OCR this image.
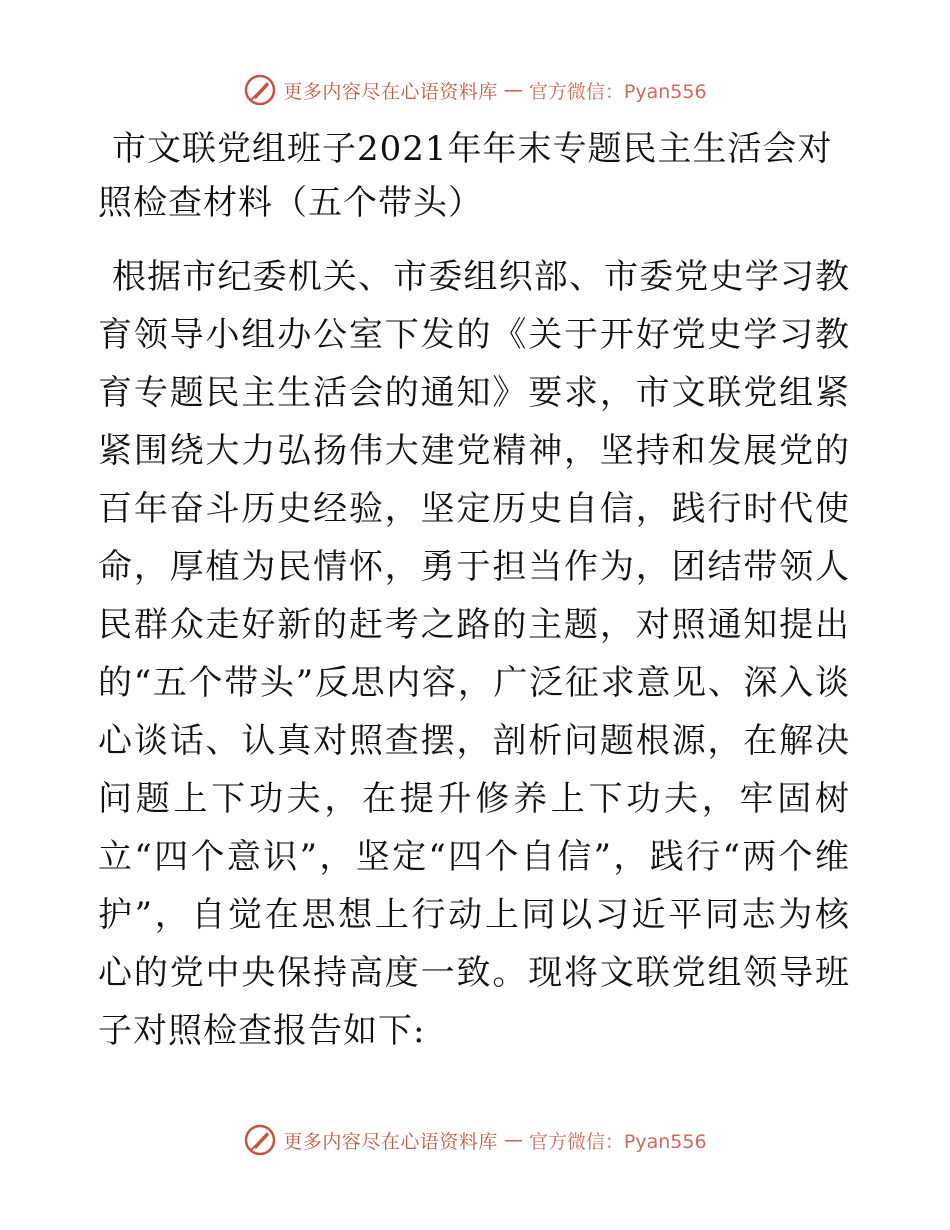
更多内容尽在心语资料库 — 官方微信：Pyan556
市文联党组班子2021年年末专题民主生活会对照检查材料（五个带头）

根据市纪委机关、市委组织部、市委党史学习教育领导小组办公室下发的《关于开好党史学习教育专题民主生活会的通知》要求，市文联党组紧紧围绕大力弘扬伟大建党精神，坚持和发展党的百年奋斗历史经验，坚定历史自信，践行时代使命，厚植为民情怀，勇于担当作为，团结带领人民群众走好新的赶考之路的主题，对照通知提出的“五个带头”反思内容，广泛征求意见、深入谈心谈话、认真对照查摆，剖析问题根源，在解决问题上下功夫，在提升修养上下功夫，牢固树立“四个意识”，坚定“四个自信”，践行“两个维护”，自觉在思想上行动上同以习近平同志为核心的党中央保持高度一致。现将文联党组领导班子对照检查报告如下:

更多内容尽在心语资料库 — 官方微信：Pyan556
